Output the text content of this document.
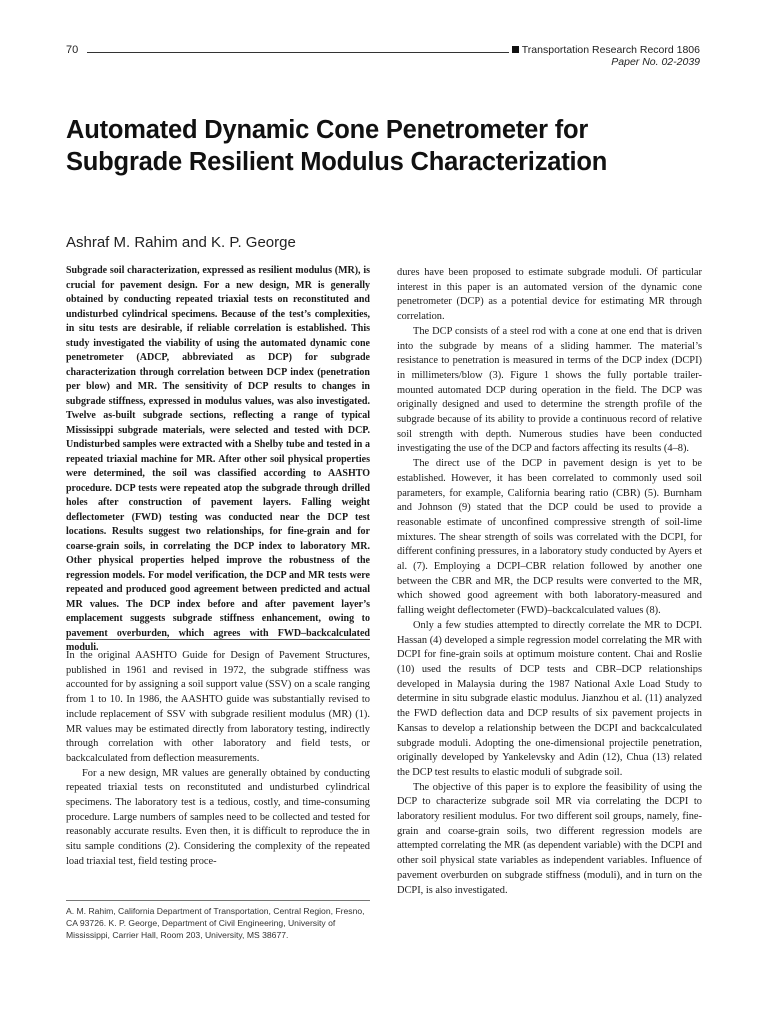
70	Transportation Research Record 1806
Paper No. 02-2039
Automated Dynamic Cone Penetrometer for Subgrade Resilient Modulus Characterization
Ashraf M. Rahim and K. P. George

Subgrade soil characterization, expressed as resilient modulus (MR), is crucial for pavement design. For a new design, MR is generally obtained by conducting repeated triaxial tests on reconstituted and undisturbed cylindrical specimens. Because of the test’s complexities, in situ tests are desirable, if reliable correlation is established. This study investigated the viability of using the automated dynamic cone penetrometer (ADCP, abbreviated as DCP) for subgrade characterization through correlation between DCP index (penetration per blow) and MR. The sensitivity of DCP results to changes in subgrade stiffness, expressed in modulus values, was also investigated. Twelve as-built subgrade sections, reflecting a range of typical Mississippi subgrade materials, were selected and tested with DCP. Undisturbed samples were extracted with a Shelby tube and tested in a repeated triaxial machine for MR. After other soil physical properties were determined, the soil was classified according to AASHTO procedure. DCP tests were repeated atop the subgrade through drilled holes after construction of pavement layers. Falling weight deflectometer (FWD) testing was conducted near the DCP test locations. Results suggest two relationships, for fine-grain and for coarse-grain soils, in correlating the DCP index to laboratory MR. Other physical properties helped improve the robustness of the regression models. For model verification, the DCP and MR tests were repeated and produced good agreement between predicted and actual MR values. The DCP index before and after pavement layer’s emplacement suggests subgrade stiffness enhancement, owing to pavement overburden, which agrees with FWD–backcalculated moduli.

In the original AASHTO Guide for Design of Pavement Structures, published in 1961 and revised in 1972, the subgrade stiffness was accounted for by assigning a soil support value (SSV) on a scale ranging from 1 to 10. In 1986, the AASHTO guide was substantially revised to include replacement of SSV with subgrade resilient modulus (MR) (1). MR values may be estimated directly from laboratory testing, indirectly through correlation with other laboratory and field tests, or backcalculated from deflection measurements.

For a new design, MR values are generally obtained by conducting repeated triaxial tests on reconstituted and undisturbed cylindrical specimens. The laboratory test is a tedious, costly, and time-consuming procedure. Large numbers of samples need to be collected and tested for reasonably accurate results. Even then, it is difficult to reproduce the in situ sample conditions (2). Considering the complexity of the repeated load triaxial test, field testing proce-

A. M. Rahim, California Department of Transportation, Central Region, Fresno, CA 93726. K. P. George, Department of Civil Engineering, University of Mississippi, Carrier Hall, Room 203, University, MS 38677.

dures have been proposed to estimate subgrade moduli. Of particular interest in this paper is an automated version of the dynamic cone penetrometer (DCP) as a potential device for estimating MR through correlation.

The DCP consists of a steel rod with a cone at one end that is driven into the subgrade by means of a sliding hammer. The material’s resistance to penetration is measured in terms of the DCP index (DCPI) in millimeters/blow (3). Figure 1 shows the fully portable trailer-mounted automated DCP during operation in the field. The DCP was originally designed and used to determine the strength profile of the subgrade because of its ability to provide a continuous record of relative soil strength with depth. Numerous studies have been conducted investigating the use of the DCP and factors affecting its results (4–8).

The direct use of the DCP in pavement design is yet to be established. However, it has been correlated to commonly used soil parameters, for example, California bearing ratio (CBR) (5). Burnham and Johnson (9) stated that the DCP could be used to provide a reasonable estimate of unconfined compressive strength of soil-lime mixtures. The shear strength of soils was correlated with the DCPI, for different confining pressures, in a laboratory study conducted by Ayers et al. (7). Employing a DCPI–CBR relation followed by another one between the CBR and MR, the DCP results were converted to the MR, which showed good agreement with both laboratory-measured and falling weight deflectometer (FWD)–backcalculated values (8).

Only a few studies attempted to directly correlate the MR to DCPI. Hassan (4) developed a simple regression model correlating the MR with DCPI for fine-grain soils at optimum moisture content. Chai and Roslie (10) used the results of DCP tests and CBR–DCP relationships developed in Malaysia during the 1987 National Axle Load Study to determine in situ subgrade elastic modulus. Jianzhou et al. (11) analyzed the FWD deflection data and DCP results of six pavement projects in Kansas to develop a relationship between the DCPI and backcalculated subgrade moduli. Adopting the one-dimensional projectile penetration, originally developed by Yankelevsky and Adin (12), Chua (13) related the DCP test results to elastic moduli of subgrade soil.

The objective of this paper is to explore the feasibility of using the DCP to characterize subgrade soil MR via correlating the DCPI to laboratory resilient modulus. For two different soil groups, namely, fine-grain and coarse-grain soils, two different regression models are attempted correlating the MR (as dependent variable) with the DCPI and other soil physical state variables as independent variables. Influence of pavement overburden on subgrade stiffness (moduli), and in turn on the DCPI, is also investigated.
